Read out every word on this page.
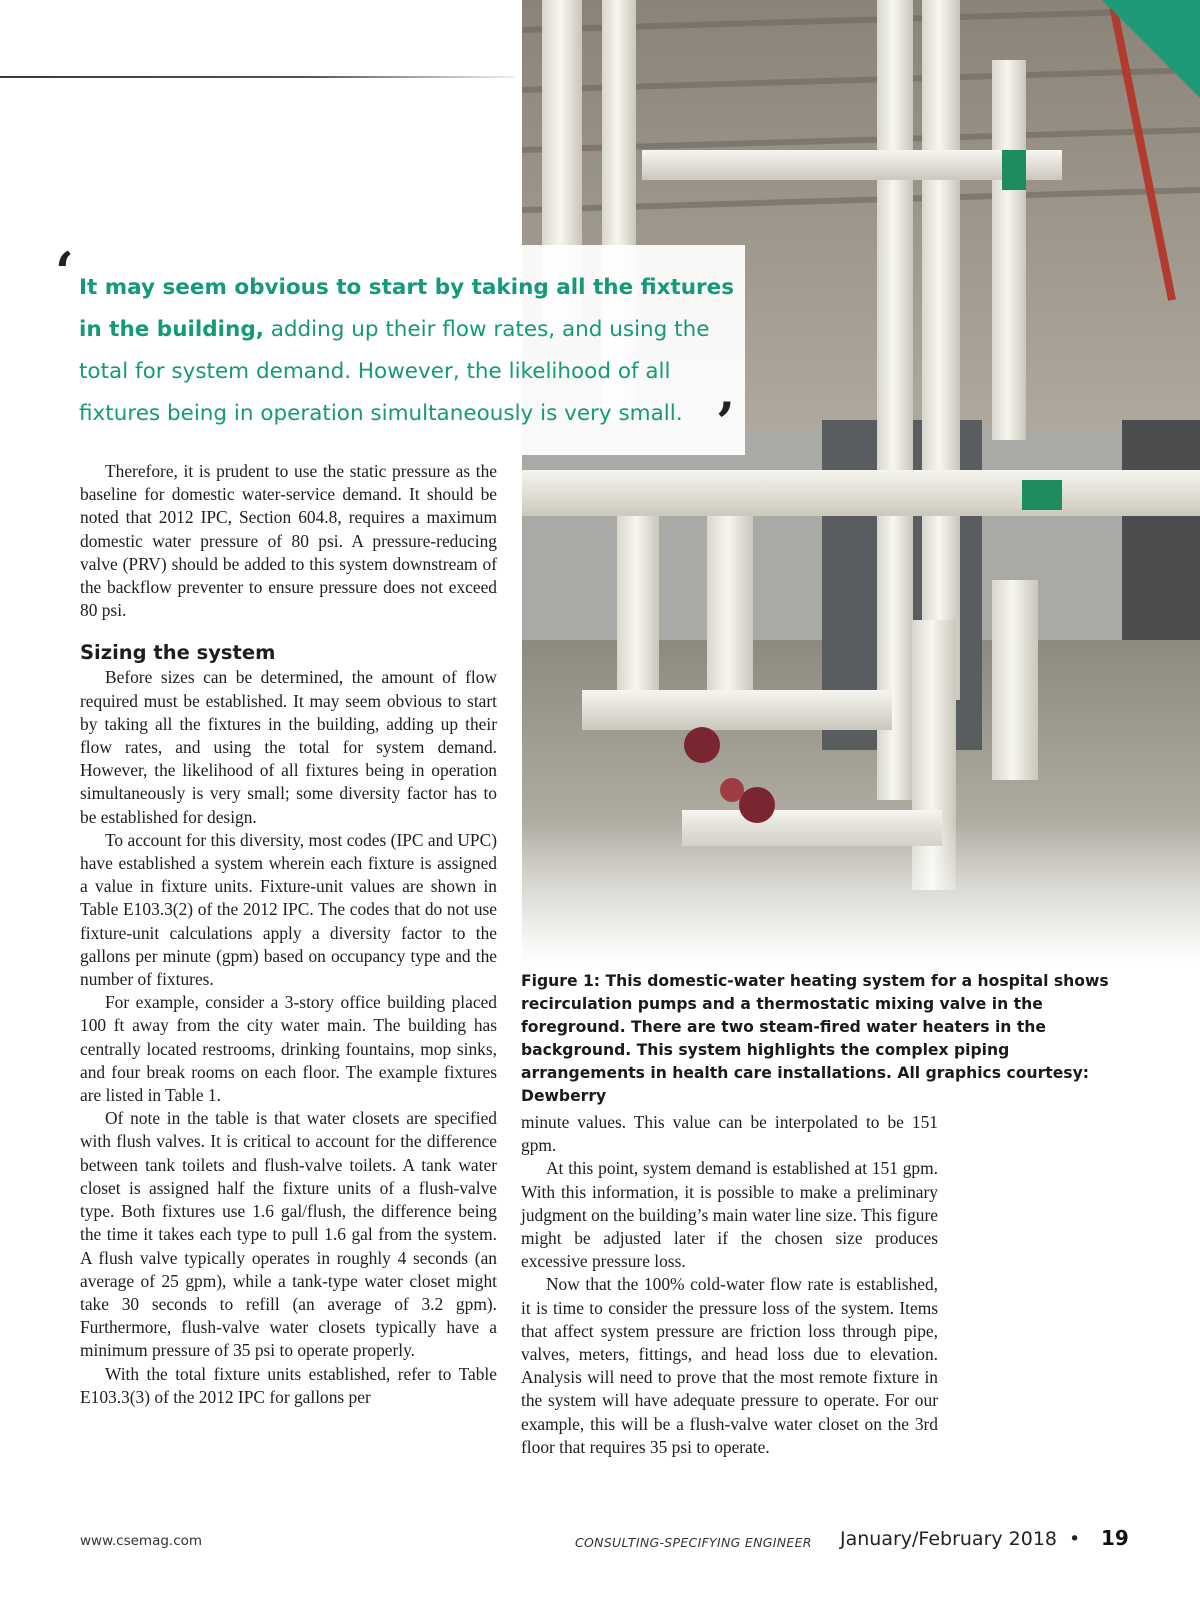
‘ It may seem obvious to start by taking all the fixtures in the building, adding up their flow rates, and using the total for system demand. However, the likelihood of all fixtures being in operation simultaneously is very small. ’

Therefore, it is prudent to use the static pressure as the baseline for domestic water-service demand. It should be noted that 2012 IPC, Section 604.8, requires a maximum domestic water pressure of 80 psi. A pressure-reducing valve (PRV) should be added to this system downstream of the backflow preventer to ensure pressure does not exceed 80 psi.

Sizing the system

Before sizes can be determined, the amount of flow required must be established. It may seem obvious to start by taking all the fixtures in the building, adding up their flow rates, and using the total for system demand. However, the likelihood of all fixtures being in operation simultaneously is very small; some diversity factor has to be established for design.

To account for this diversity, most codes (IPC and UPC) have established a system wherein each fixture is assigned a value in fixture units. Fixture-unit values are shown in Table E103.3(2) of the 2012 IPC. The codes that do not use fixture-unit calculations apply a diversity factor to the gallons per minute (gpm) based on occupancy type and the number of fixtures.

For example, consider a 3-story office building placed 100 ft away from the city water main. The building has centrally located restrooms, drinking fountains, mop sinks, and four break rooms on each floor. The example fixtures are listed in Table 1.

Of note in the table is that water closets are specified with flush valves. It is critical to account for the difference between tank toilets and flush-valve toilets. A tank water closet is assigned half the fixture units of a flush-valve type. Both fixtures use 1.6 gal/flush, the difference being the time it takes each type to pull 1.6 gal from the system. A flush valve typically operates in roughly 4 seconds (an average of 25 gpm), while a tank-type water closet might take 30 seconds to refill (an average of 3.2 gpm). Furthermore, flush-valve water closets typically have a minimum pressure of 35 psi to operate properly.

With the total fixture units established, refer to Table E103.3(3) of the 2012 IPC for gallons per

Figure 1: This domestic-water heating system for a hospital shows recirculation pumps and a thermostatic mixing valve in the foreground. There are two steam-fired water heaters in the background. This system highlights the complex piping arrangements in health care installations. All graphics courtesy: Dewberry

minute values. This value can be interpolated to be 151 gpm.

At this point, system demand is established at 151 gpm. With this information, it is possible to make a preliminary judgment on the building’s main water line size. This figure might be adjusted later if the chosen size produces excessive pressure loss.

Now that the 100% cold-water flow rate is established, it is time to consider the pressure loss of the system. Items that affect system pressure are friction loss through pipe, valves, meters, fittings, and head loss due to elevation. Analysis will need to prove that the most remote fixture in the system will have adequate pressure to operate. For our example, this will be a flush-valve water closet on the 3rd floor that requires 35 psi to operate.

www.csemag.com	CONSULTING-SPECIFYING ENGINEER January/February 2018 • 19
